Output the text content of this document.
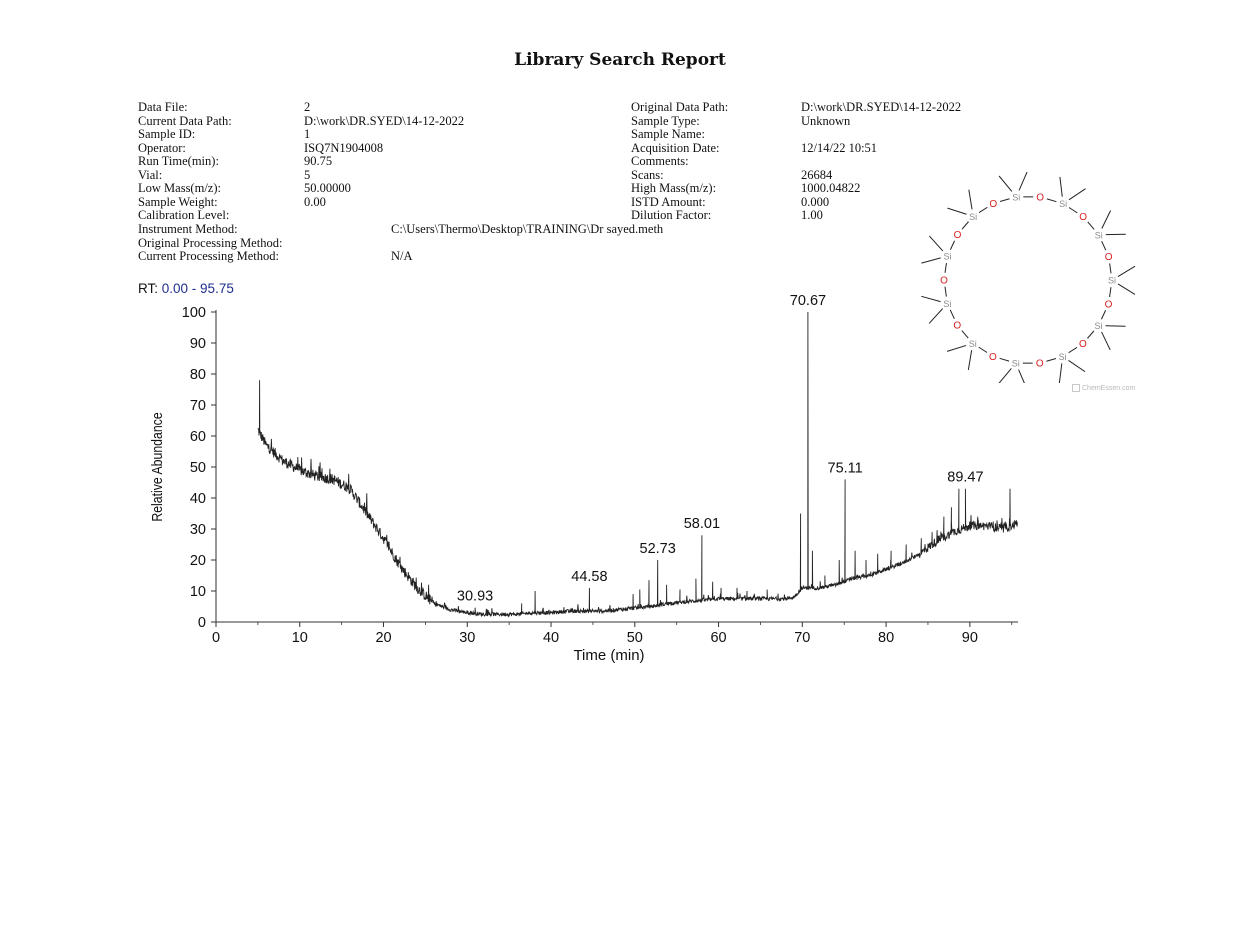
Library Search Report
Data File:	2
Current Data Path:	D:\work\DR.SYED\14-12-2022
Sample ID:	1
Operator:	ISQ7N1904008
Run Time(min):	90.75
Vial:	5
Low Mass(m/z):	50.00000
Sample Weight:	0.00
Calibration Level:
Original Data Path:	D:\work\DR.SYED\14-12-2022
Sample Type:	Unknown
Sample Name:
Acquisition Date:	12/14/22 10:51
Comments:
Scans:	26684
High Mass(m/z):	1000.04822
ISTD Amount:	0.000
Dilution Factor:	1.00
Instrument Method:	C:\Users\Thermo\Desktop\TRAINING\Dr sayed.meth
Original Processing Method:
Current Processing Method:	N/A
RT: 0.00 - 95.75
0
10
20
30
40
50
60
70
80
90
100
0	10	20	30	40	50	60	70	80	90
Time (min)
Relative Abundance
30.93
44.58
52.73
58.01
70.67
75.11
89.47
Si O
Si
O
Si
O
Si
O
Si
O
Si
O
Si
O
Si
O
Si
O
Si
O
Si
O
ChemEssen.com
